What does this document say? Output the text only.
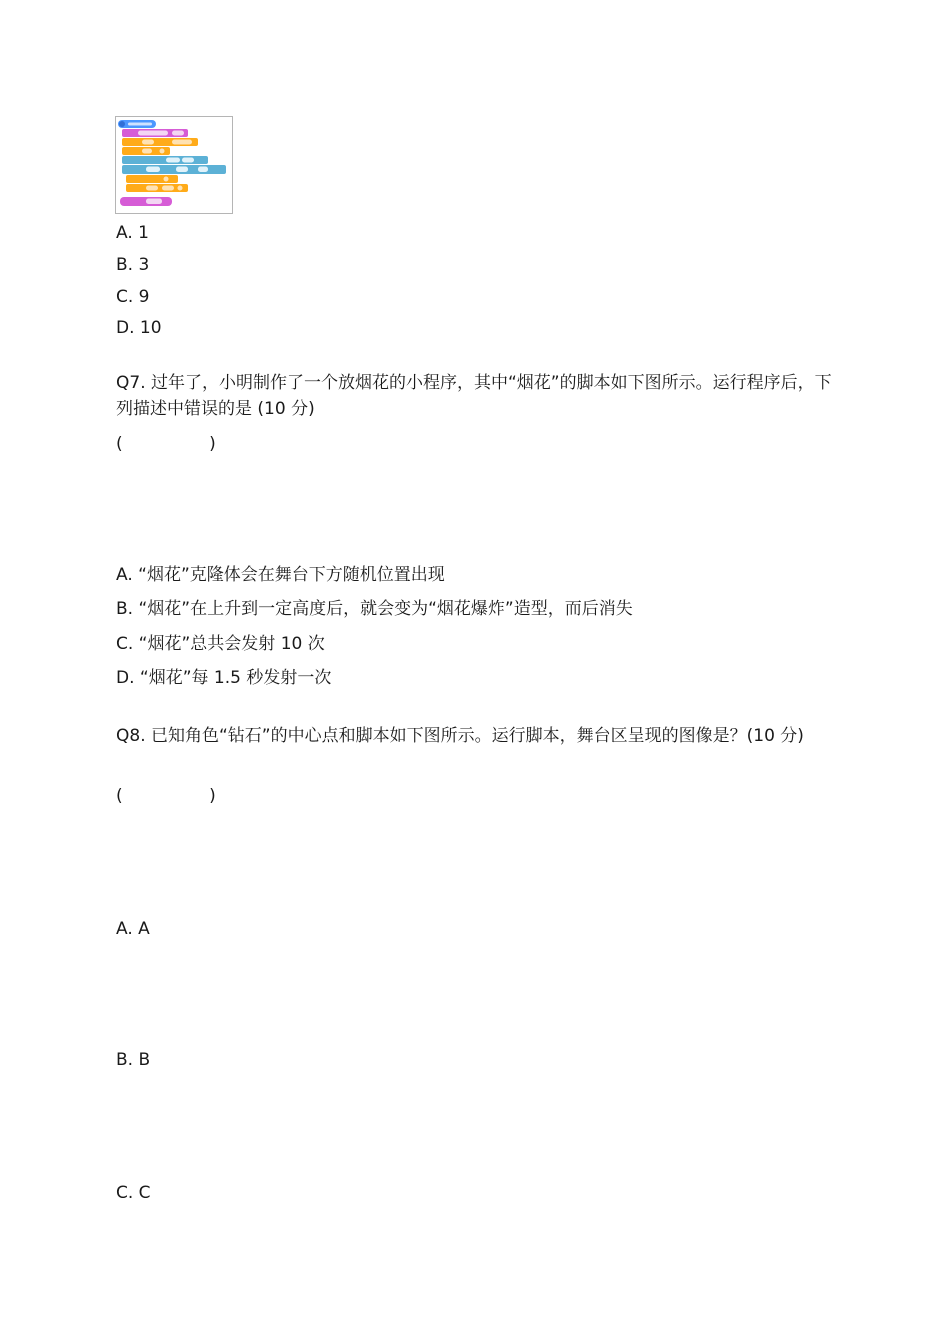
A. 1
B. 3
C. 9
D. 10
Q7. 过年了，小明制作了一个放烟花的小程序，其中“烟花”的脚本如下图所示。运行程序后，下列描述中错误的是 (10 分)
(                )
A. “烟花”克隆体会在舞台下方随机位置出现
B. “烟花”在上升到一定高度后，就会变为“烟花爆炸”造型，而后消失
C. “烟花”总共会发射 10 次
D. “烟花”每 1.5 秒发射一次
Q8. 已知角色“钻石”的中心点和脚本如下图所示。运行脚本，舞台区呈现的图像是？(10 分)
(                )
A. A
B. B
C. C
